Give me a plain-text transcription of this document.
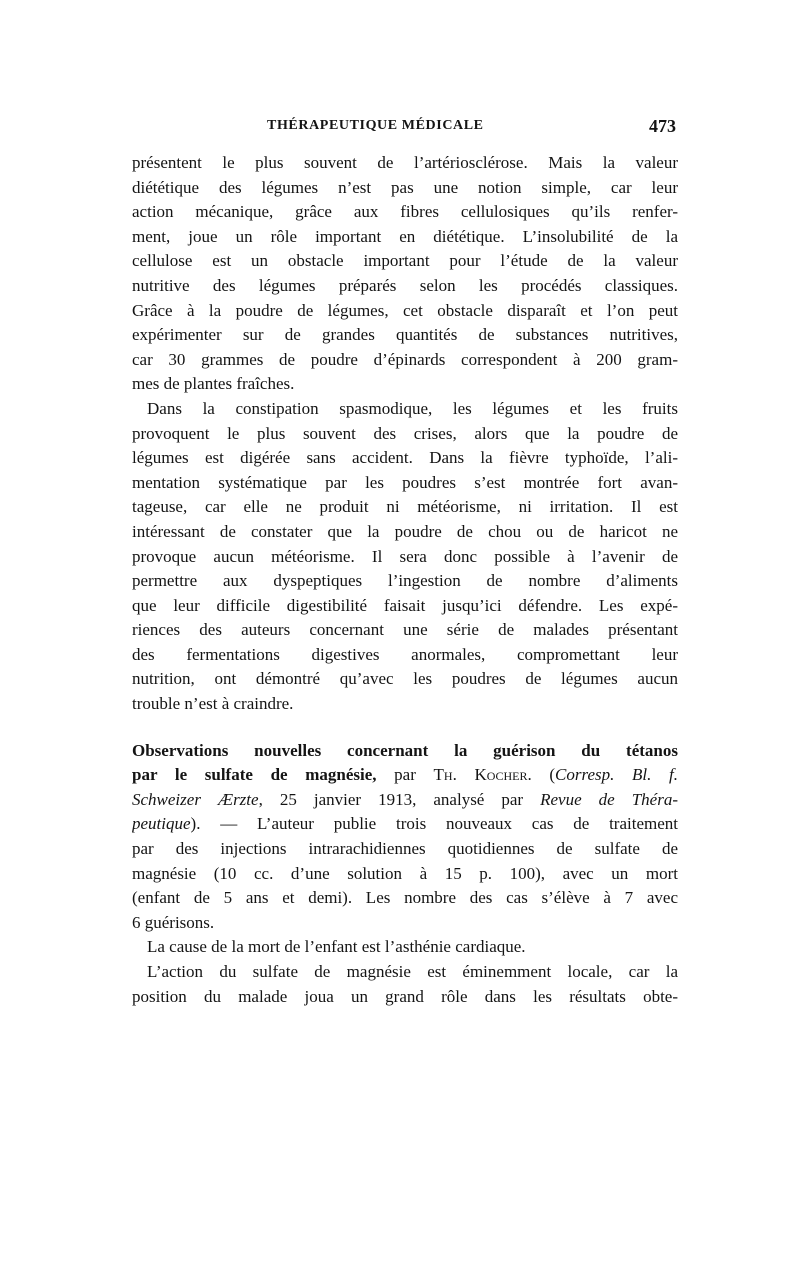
THÉRAPEUTIQUE MÉDICALE	473
présentent le plus souvent de l’artériosclérose. Mais la valeur
diététique des légumes n’est pas une notion simple, car leur
action mécanique, grâce aux fibres cellulosiques qu’ils renfer-
ment, joue un rôle important en diététique. L’insolubilité de la
cellulose est un obstacle important pour l’étude de la valeur
nutritive des légumes préparés selon les procédés classiques.
Grâce à la poudre de légumes, cet obstacle disparaît et l’on peut
expérimenter sur de grandes quantités de substances nutritives,
car 30 grammes de poudre d’épinards correspondent à 200 gram-
mes de plantes fraîches.
Dans la constipation spasmodique, les légumes et les fruits
provoquent le plus souvent des crises, alors que la poudre de
légumes est digérée sans accident. Dans la fièvre typhoïde, l’ali-
mentation systématique par les poudres s’est montrée fort avan-
tageuse, car elle ne produit ni météorisme, ni irritation. Il est
intéressant de constater que la poudre de chou ou de haricot ne
provoque aucun météorisme. Il sera donc possible à l’avenir de
permettre aux dyspeptiques l’ingestion de nombre d’aliments
que leur difficile digestibilité faisait jusqu’ici défendre. Les expé-
riences des auteurs concernant une série de malades présentant
des fermentations digestives anormales, compromettant leur
nutrition, ont démontré qu’avec les poudres de légumes aucun
trouble n’est à craindre.
Observations nouvelles concernant la guérison du tétanos
par le sulfate de magnésie, par Th. Kocher. (Corresp. Bl. f.
Schweizer Ærzte, 25 janvier 1913, analysé par Revue de Théra-
peutique). — L’auteur publie trois nouveaux cas de traitement
par des injections intrarachidiennes quotidiennes de sulfate de
magnésie (10 cc. d’une solution à 15 p. 100), avec un mort
(enfant de 5 ans et demi). Les nombre des cas s’élève à 7 avec
6 guérisons.
La cause de la mort de l’enfant est l’asthénie cardiaque.
L’action du sulfate de magnésie est éminemment locale, car la
position du malade joua un grand rôle dans les résultats obte-
